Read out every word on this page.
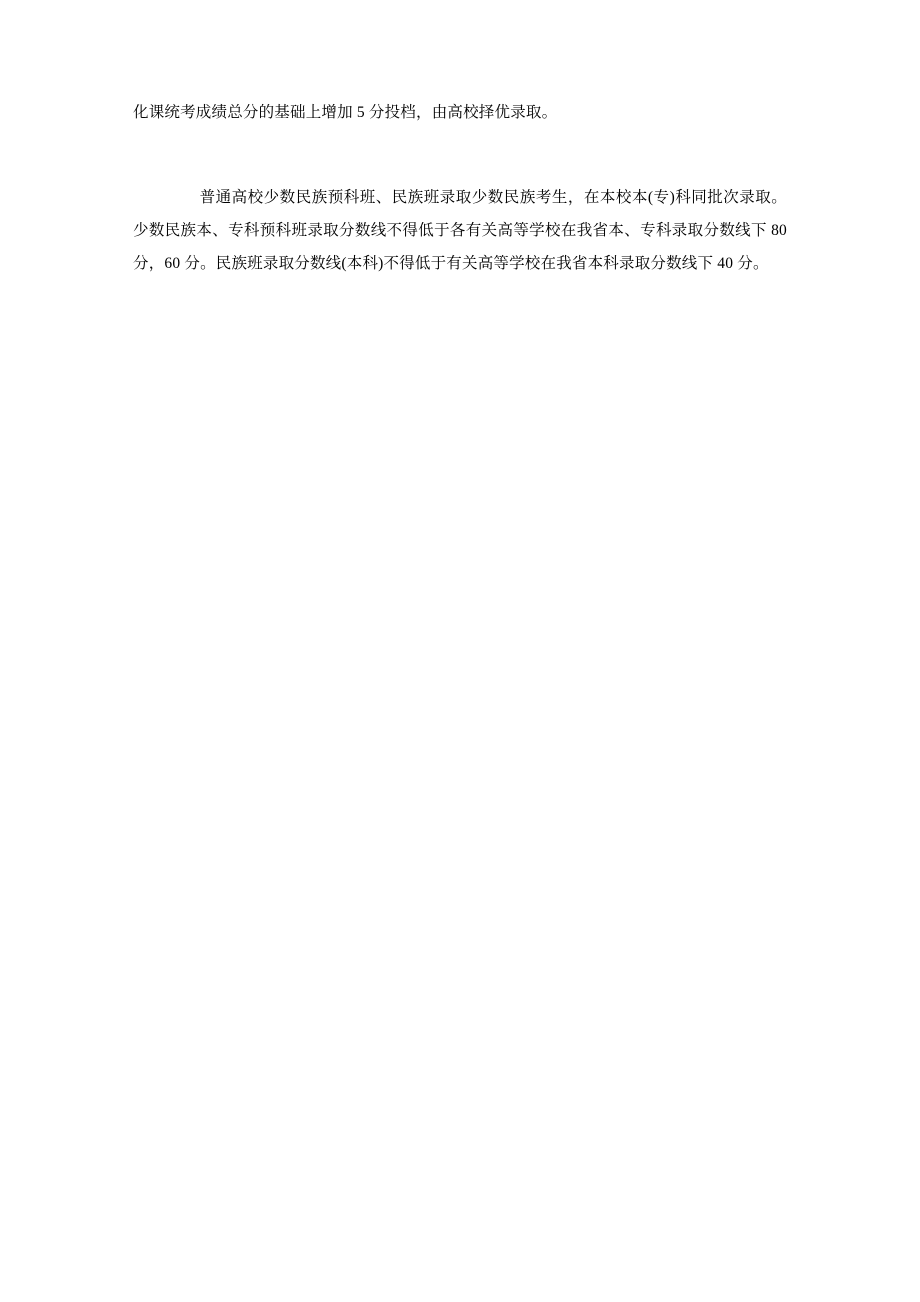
化课统考成绩总分的基础上增加 5 分投档，由高校择优录取。

普通高校少数民族预科班、民族班录取少数民族考生，在本校本(专)科同批次录取。少数民族本、专科预科班录取分数线不得低于各有关高等学校在我省本、专科录取分数线下 80 分，60 分。民族班录取分数线(本科)不得低于有关高等学校在我省本科录取分数线下 40 分。
